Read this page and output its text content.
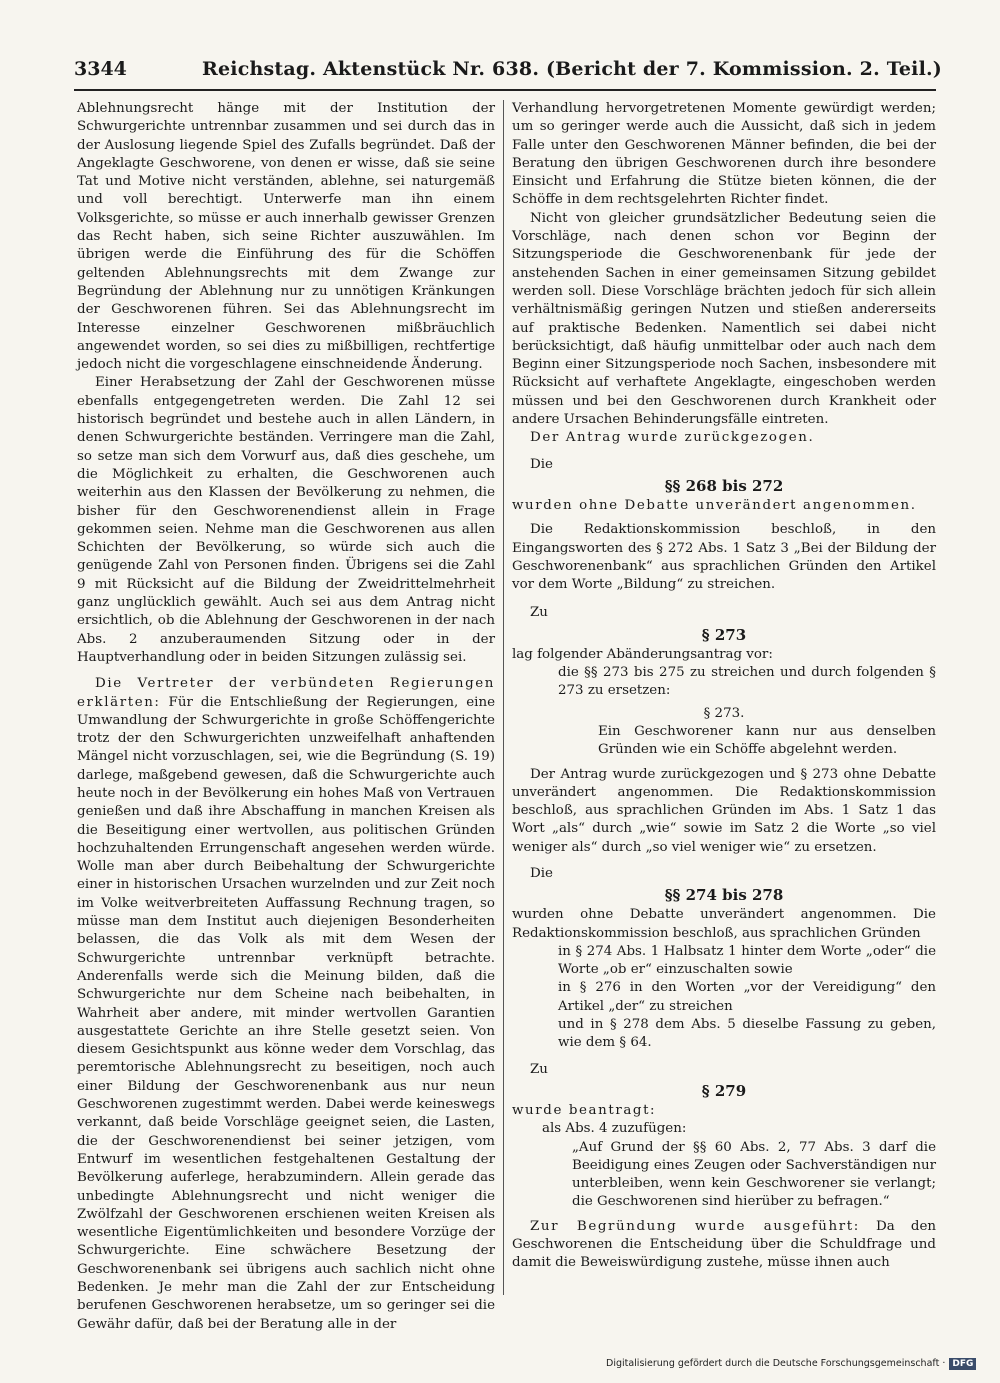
3344	Reichstag. Aktenstück Nr. 638. (Bericht der 7. Kommission. 2. Teil.)

Ablehnungsrecht hänge mit der Institution der Schwurgerichte untrennbar zusammen und sei durch das in der Auslosung liegende Spiel des Zufalls begründet. Daß der Angeklagte Geschworene, von denen er wisse, daß sie seine Tat und Motive nicht verständen, ablehne, sei naturgemäß und voll berechtigt. Unterwerfe man ihn einem Volksgerichte, so müsse er auch innerhalb gewisser Grenzen das Recht haben, sich seine Richter auszuwählen. Im übrigen werde die Einführung des für die Schöffen geltenden Ablehnungsrechts mit dem Zwange zur Begründung der Ablehnung nur zu unnötigen Kränkungen der Geschworenen führen. Sei das Ablehnungsrecht im Interesse einzelner Geschworenen mißbräuchlich angewendet worden, so sei dies zu mißbilligen, rechtfertige jedoch nicht die vorgeschlagene einschneidende Änderung.

Einer Herabsetzung der Zahl der Geschworenen müsse ebenfalls entgegengetreten werden. Die Zahl 12 sei historisch begründet und bestehe auch in allen Ländern, in denen Schwurgerichte beständen. Verringere man die Zahl, so setze man sich dem Vorwurf aus, daß dies geschehe, um die Möglichkeit zu erhalten, die Geschworenen auch weiterhin aus den Klassen der Bevölkerung zu nehmen, die bisher für den Geschworenendienst allein in Frage gekommen seien. Nehme man die Geschworenen aus allen Schichten der Bevölkerung, so würde sich auch die genügende Zahl von Personen finden. Übrigens sei die Zahl 9 mit Rücksicht auf die Bildung der Zweidrittelmehrheit ganz unglücklich gewählt. Auch sei aus dem Antrag nicht ersichtlich, ob die Ablehnung der Geschworenen in der nach Abs. 2 anzuberaumenden Sitzung oder in der Hauptverhandlung oder in beiden Sitzungen zulässig sei.

Die Vertreter der verbündeten Regierungen erklärten: Für die Entschließung der Regierungen, eine Umwandlung der Schwurgerichte in große Schöffengerichte trotz der den Schwurgerichten unzweifelhaft anhaftenden Mängel nicht vorzuschlagen, sei, wie die Begründung (S. 19) darlege, maßgebend gewesen, daß die Schwurgerichte auch heute noch in der Bevölkerung ein hohes Maß von Vertrauen genießen und daß ihre Abschaffung in manchen Kreisen als die Beseitigung einer wertvollen, aus politischen Gründen hochzuhaltenden Errungenschaft angesehen werden würde. Wolle man aber durch Beibehaltung der Schwurgerichte einer in historischen Ursachen wurzelnden und zur Zeit noch im Volke weitverbreiteten Auffassung Rechnung tragen, so müsse man dem Institut auch diejenigen Besonderheiten belassen, die das Volk als mit dem Wesen der Schwurgerichte untrennbar verknüpft betrachte. Anderenfalls werde sich die Meinung bilden, daß die Schwurgerichte nur dem Scheine nach beibehalten, in Wahrheit aber andere, mit minder wertvollen Garantien ausgestattete Gerichte an ihre Stelle gesetzt seien. Von diesem Gesichtspunkt aus könne weder dem Vorschlag, das peremtorische Ablehnungsrecht zu beseitigen, noch auch einer Bildung der Geschworenenbank aus nur neun Geschworenen zugestimmt werden. Dabei werde keineswegs verkannt, daß beide Vorschläge geeignet seien, die Lasten, die der Geschworenendienst bei seiner jetzigen, vom Entwurf im wesentlichen festgehaltenen Gestaltung der Bevölkerung auferlege, herabzumindern. Allein gerade das unbedingte Ablehnungsrecht und nicht weniger die Zwölfzahl der Geschworenen erschienen weiten Kreisen als wesentliche Eigentümlichkeiten und besondere Vorzüge der Schwurgerichte. Eine schwächere Besetzung der Geschworenenbank sei übrigens auch sachlich nicht ohne Bedenken. Je mehr man die Zahl der zur Entscheidung berufenen Geschworenen herabsetze, um so geringer sei die Gewähr dafür, daß bei der Beratung alle in der

Verhandlung hervorgetretenen Momente gewürdigt werden; um so geringer werde auch die Aussicht, daß sich in jedem Falle unter den Geschworenen Männer befinden, die bei der Beratung den übrigen Geschworenen durch ihre besondere Einsicht und Erfahrung die Stütze bieten können, die der Schöffe in dem rechtsgelehrten Richter findet.

Nicht von gleicher grundsätzlicher Bedeutung seien die Vorschläge, nach denen schon vor Beginn der Sitzungsperiode die Geschworenenbank für jede der anstehenden Sachen in einer gemeinsamen Sitzung gebildet werden soll. Diese Vorschläge brächten jedoch für sich allein verhältnismäßig geringen Nutzen und stießen andererseits auf praktische Bedenken. Namentlich sei dabei nicht berücksichtigt, daß häufig unmittelbar oder auch nach dem Beginn einer Sitzungsperiode noch Sachen, insbesondere mit Rücksicht auf verhaftete Angeklagte, eingeschoben werden müssen und bei den Geschworenen durch Krankheit oder andere Ursachen Behinderungsfälle eintreten.

Der Antrag wurde zurückgezogen.

Die

§§ 268 bis 272

wurden ohne Debatte unverändert angenommen.

Die Redaktionskommission beschloß, in den Eingangsworten des § 272 Abs. 1 Satz 3 „Bei der Bildung der Geschworenenbank“ aus sprachlichen Gründen den Artikel vor dem Worte „Bildung“ zu streichen.

Zu

§ 273

lag folgender Abänderungsantrag vor:

die §§ 273 bis 275 zu streichen und durch folgenden § 273 zu ersetzen:

§ 273.

Ein Geschworener kann nur aus denselben Gründen wie ein Schöffe abgelehnt werden.

Der Antrag wurde zurückgezogen und § 273 ohne Debatte unverändert angenommen. Die Redaktionskommission beschloß, aus sprachlichen Gründen im Abs. 1 Satz 1 das Wort „als“ durch „wie“ sowie im Satz 2 die Worte „so viel weniger als“ durch „so viel weniger wie“ zu ersetzen.

Die

§§ 274 bis 278

wurden ohne Debatte unverändert angenommen. Die Redaktionskommission beschloß, aus sprachlichen Gründen

in § 274 Abs. 1 Halbsatz 1 hinter dem Worte „oder“ die Worte „ob er“ einzuschalten sowie

in § 276 in den Worten „vor der Vereidigung“ den Artikel „der“ zu streichen

und in § 278 dem Abs. 5 dieselbe Fassung zu geben, wie dem § 64.

Zu

§ 279

wurde beantragt:

als Abs. 4 zuzufügen:

„Auf Grund der §§ 60 Abs. 2, 77 Abs. 3 darf die Beeidigung eines Zeugen oder Sachverständigen nur unterbleiben, wenn kein Geschworener sie verlangt; die Geschworenen sind hierüber zu befragen.“

Zur Begründung wurde ausgeführt: Da den Geschworenen die Entscheidung über die Schuldfrage und damit die Beweiswürdigung zustehe, müsse ihnen auch

Digitalisierung gefördert durch die Deutsche Forschungsgemeinschaft · DFG
